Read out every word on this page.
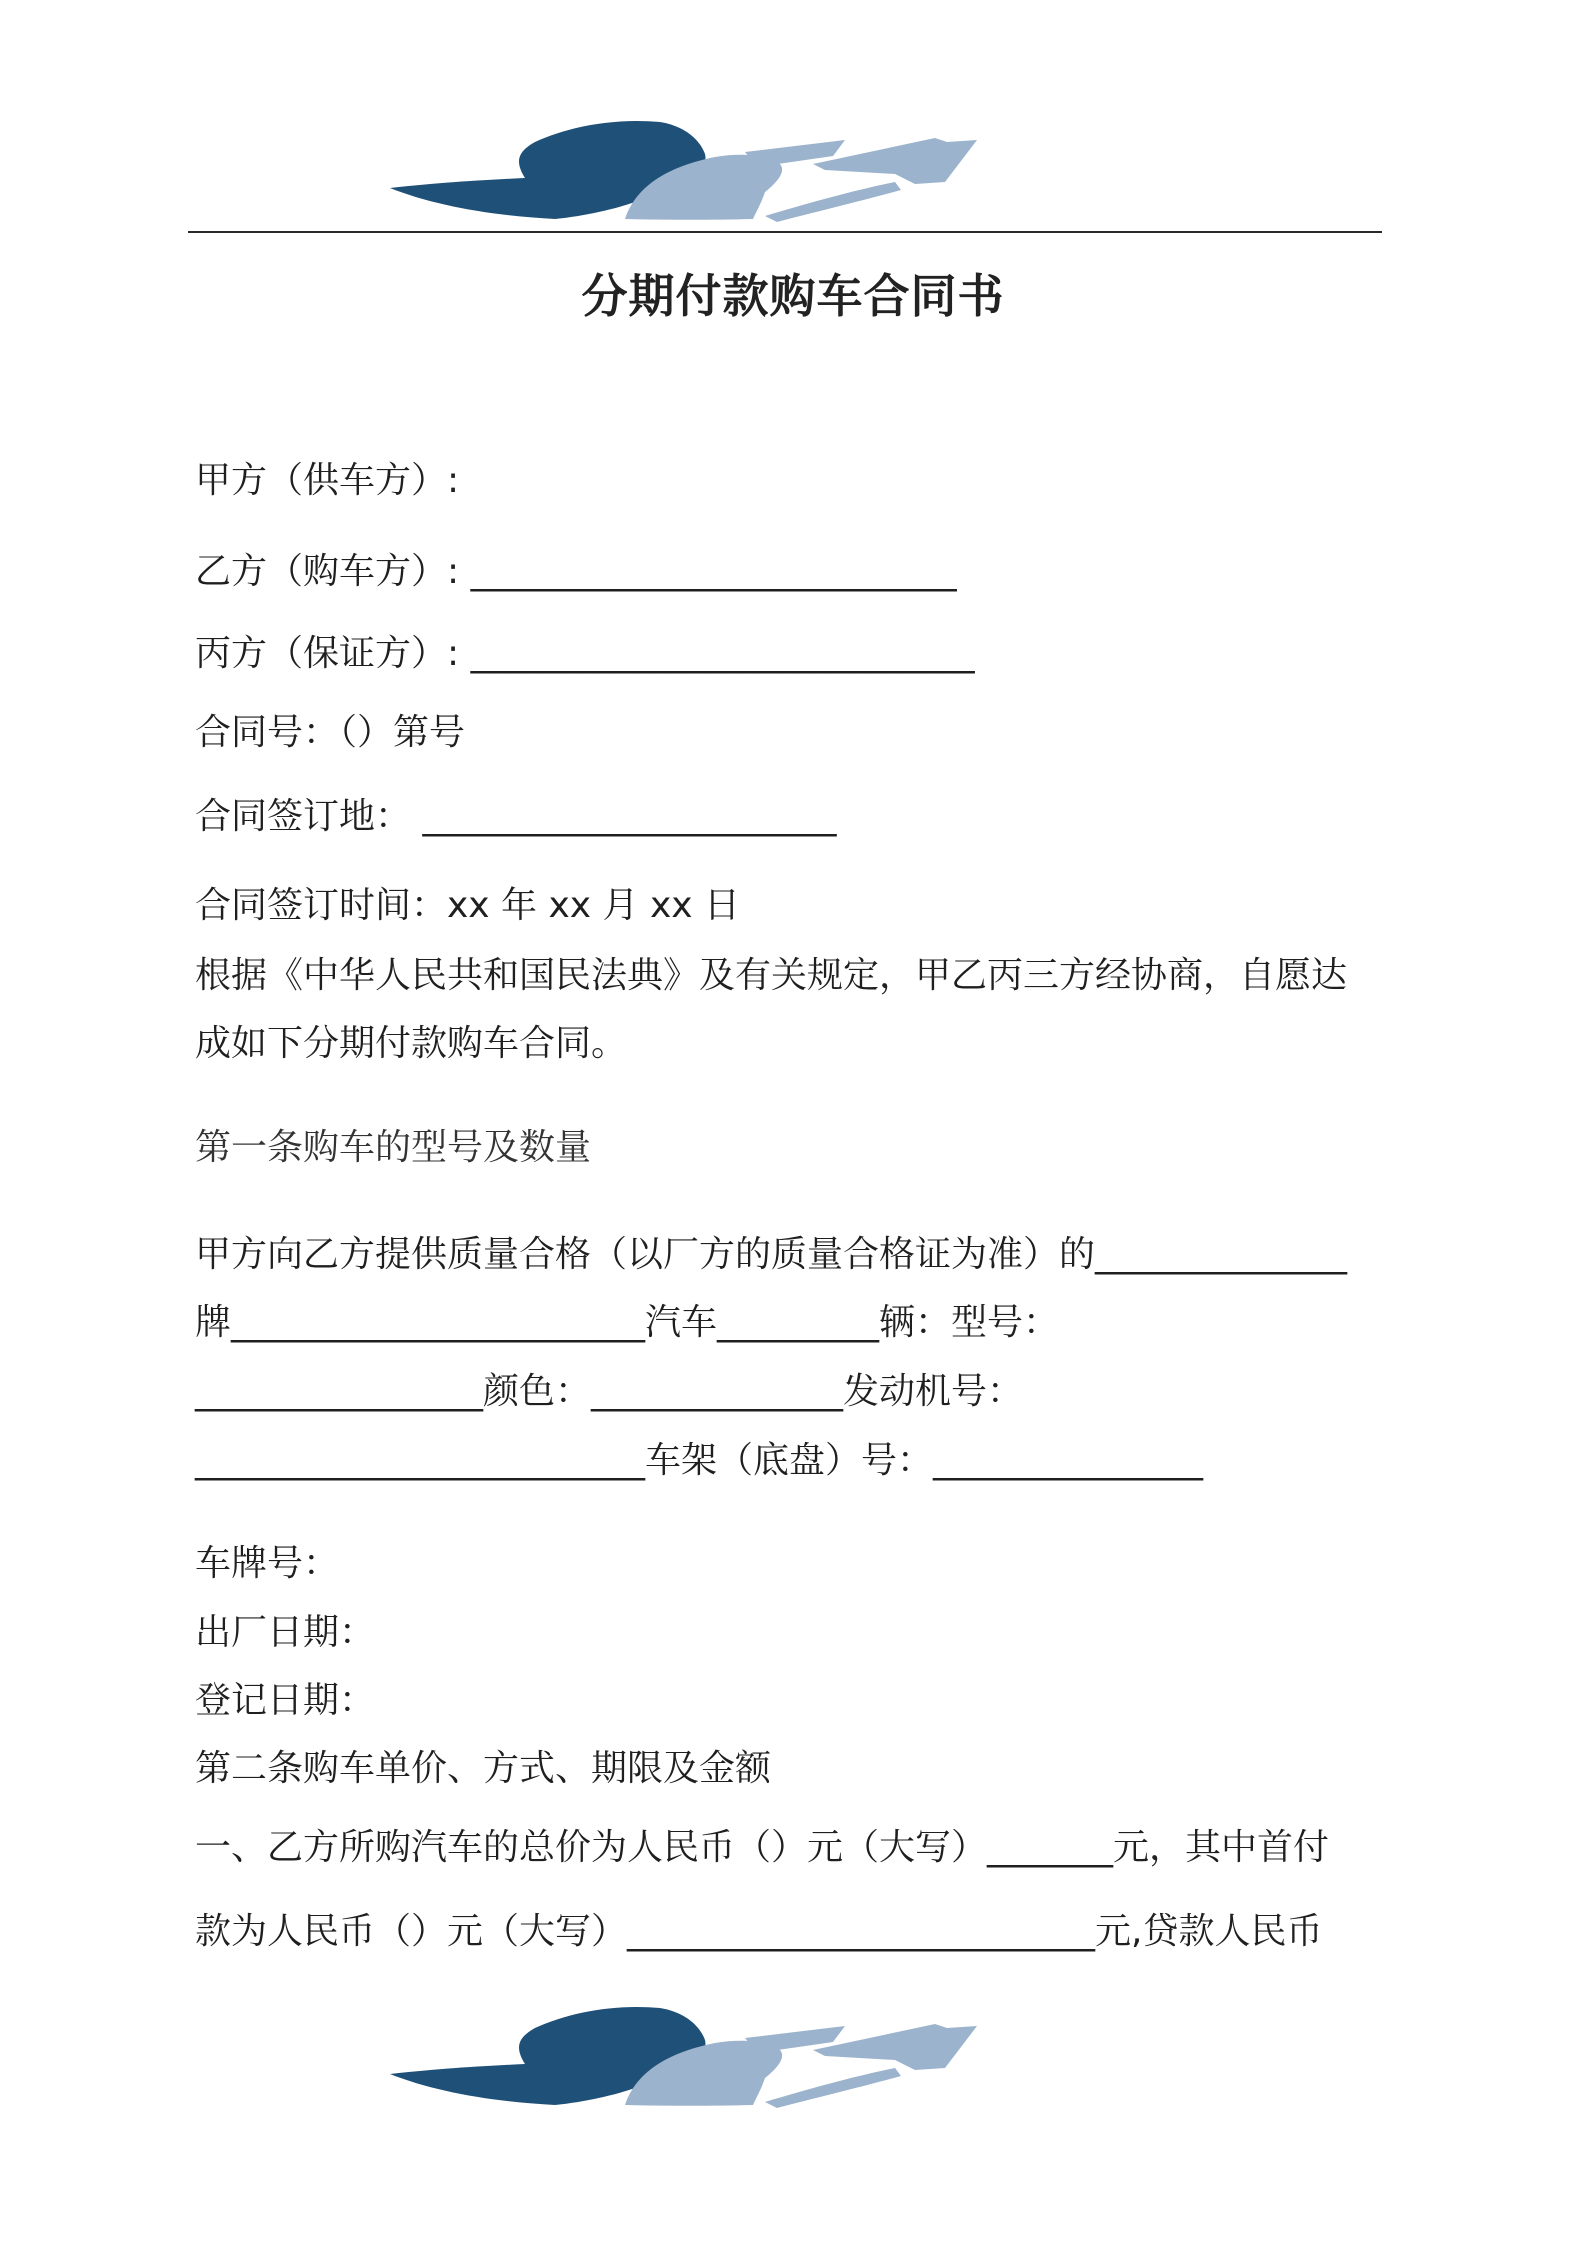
分期付款购车合同书
甲方（供车方）:
乙方（购车方）: ___________________________
丙方（保证方）: ____________________________
合同号：（）第号
合同签订地： _______________________
合同签订时间：xx 年 xx 月 xx 日
根据《中华人民共和国民法典》及有关规定，甲乙丙三方经协商，自愿达
成如下分期付款购车合同。
第一条购车的型号及数量
甲方向乙方提供质量合格（以厂方的质量合格证为准）的______________
牌_______________________汽车_________辆：型号：
________________颜色：______________发动机号：
_________________________车架（底盘）号：_______________
车牌号：
出厂日期：
登记日期：
第二条购车单价、方式、期限及金额
一、乙方所购汽车的总价为人民币（）元（大写）_______元，其中首付
款为人民币（）元（大写）__________________________元,贷款人民币
